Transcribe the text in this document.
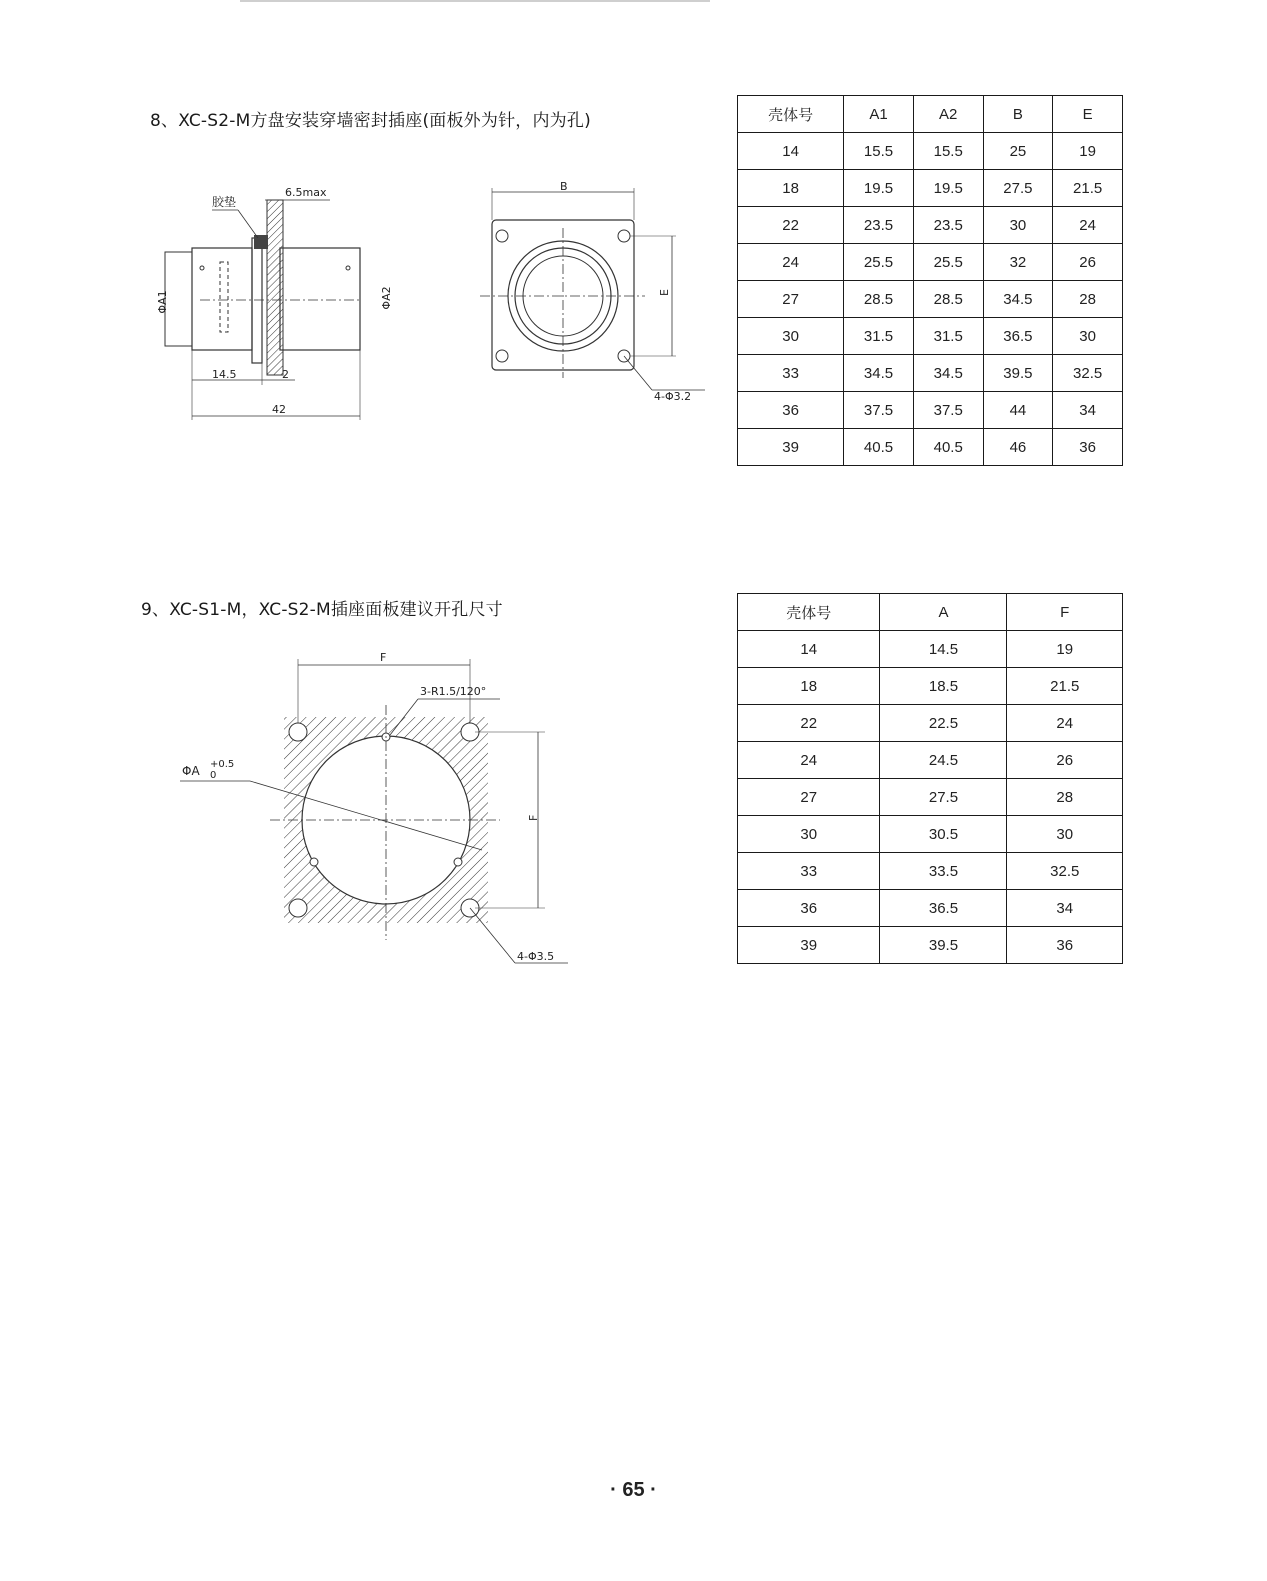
8、XC-S2-M方盘安装穿墙密封插座(面板外为针，内为孔)
胶垫
6.5max
ΦA1	ΦA2
14.5	2
42
B
E
4-Φ3.2
壳体号	A1	A2	B	E
14	15.5	15.5	25	19
18	19.5	19.5	27.5	21.5
22	23.5	23.5	30	24
24	25.5	25.5	32	26
27	28.5	28.5	34.5	28
30	31.5	31.5	36.5	30
33	34.5	34.5	39.5	32.5
36	37.5	37.5	44	34
39	40.5	40.5	46	36
9、XC-S1-M，XC-S2-M插座面板建议开孔尺寸
F
F
3-R1.5/120°
ΦA +0.5
0
4-Φ3.5
壳体号	A	F
14	14.5	19
18	18.5	21.5
22	22.5	24
24	24.5	26
27	27.5	28
30	30.5	30
33	33.5	32.5
36	36.5	34
39	39.5	36
· 65 ·
